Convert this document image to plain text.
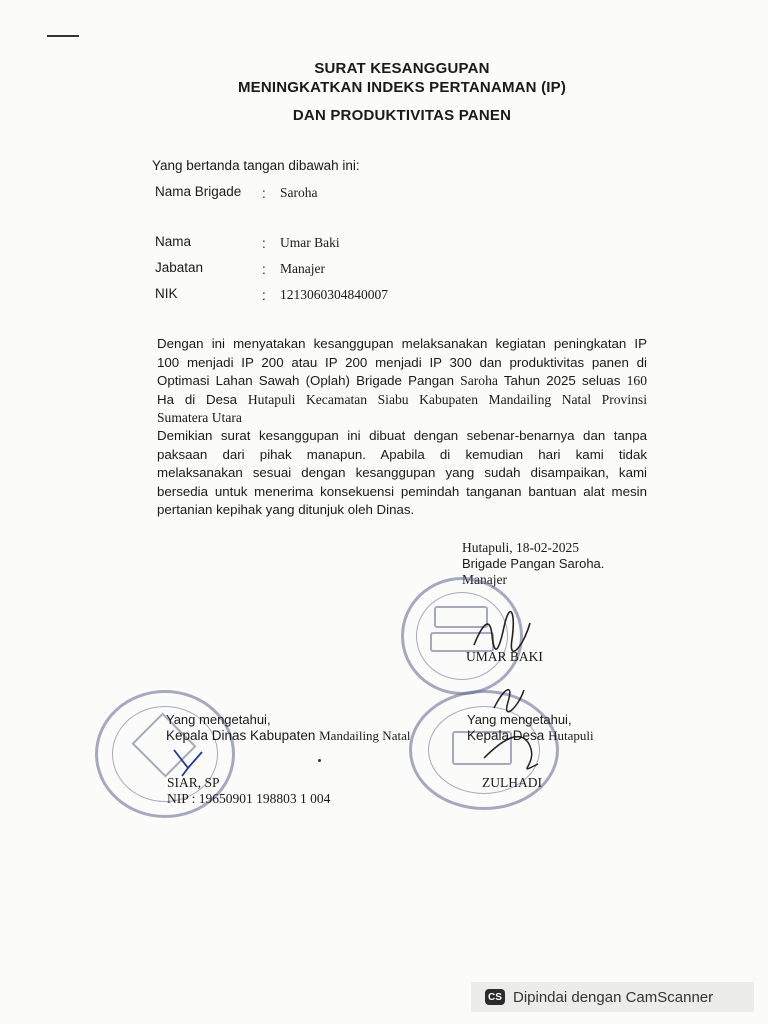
SURAT KESANGGUPAN
MENINGKATKAN INDEKS PERTANAMAN (IP)
DAN PRODUKTIVITAS PANEN
Yang bertanda tangan dibawah ini:
Nama Brigade : Saroha
Nama	: Umar Baki
Jabatan	: Manajer
NIK	: 1213060304840007
Dengan ini menyatakan kesanggupan melaksanakan kegiatan peningkatan IP
100 menjadi IP 200 atau IP 200 menjadi IP 300 dan produktivitas panen di
Optimasi Lahan Sawah (Oplah) Brigade Pangan Saroha Tahun 2025 seluas 160
Ha di Desa Hutapuli Kecamatan Siabu Kabupaten Mandailing Natal Provinsi
Sumatera Utara
Demikian surat kesanggupan ini dibuat dengan sebenar-benarnya dan tanpa
paksaan dari pihak manapun. Apabila di kemudian hari kami tidak
melaksanakan sesuai dengan kesanggupan yang sudah disampaikan, kami
bersedia untuk menerima konsekuensi pemindah tanganan bantuan alat mesin
pertanian kepihak yang ditunjuk oleh Dinas.
Hutapuli, 18-02-2025
Brigade Pangan Saroha.
Manajer
UMAR BAKI
Yang mengetahui,
Kepala Dinas Kabupaten Mandailing Natal
SIAR, SP
NIP : 19650901 198803 1 004
Yang mengetahui,
Kepala Desa Hutapuli
ZULHADI
CS Dipindai dengan CamScanner
